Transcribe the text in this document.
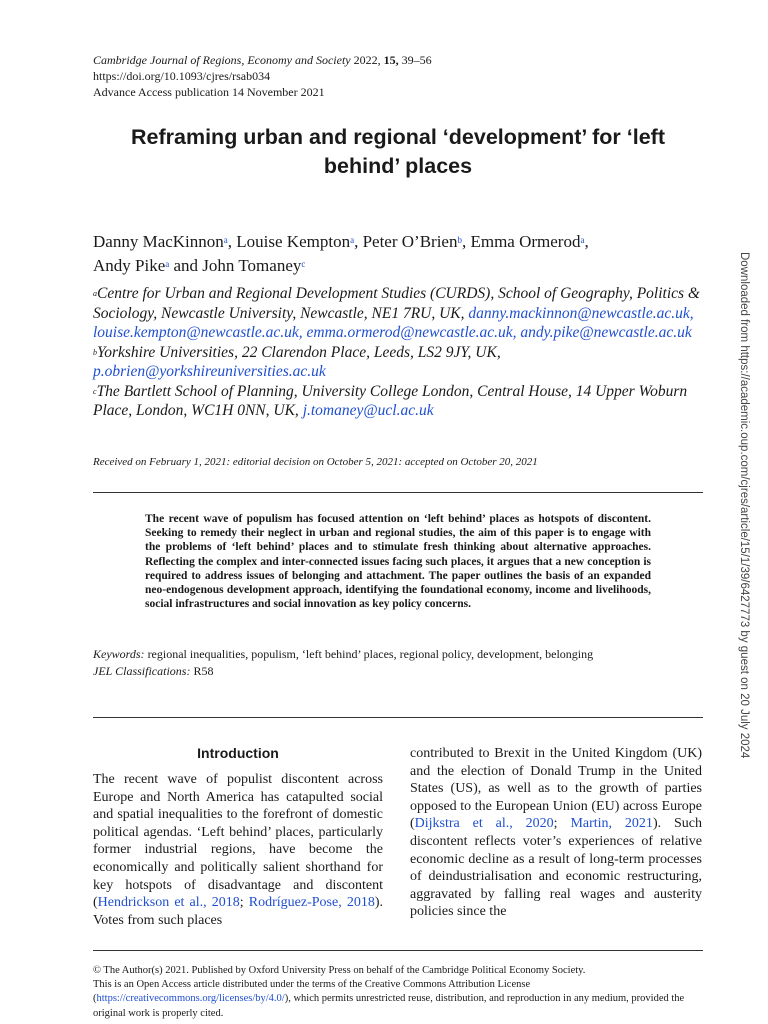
Cambridge Journal of Regions, Economy and Society 2022, 15, 39–56
https://doi.org/10.1093/cjres/rsab034
Advance Access publication 14 November 2021
Reframing urban and regional ‘development’ for ‘left behind’ places
Danny MacKinnon$^a$, Louise Kempton$^a$, Peter O’Brien$^b$, Emma Ormerod$^a$,
Andy Pike$^a$ and John Tomaney$^c$

$^a$Centre for Urban and Regional Development Studies (CURDS), School of Geography, Politics & Sociology, Newcastle University, Newcastle, NE1 7RU, UK, danny.mackinnon@newcastle.ac.uk, louise.kempton@newcastle.ac.uk, emma.ormerod@newcastle.ac.uk, andy.pike@newcastle.ac.uk

$^b$Yorkshire Universities, 22 Clarendon Place, Leeds, LS2 9JY, UK, p.obrien@yorkshireuniversities.ac.uk

$^c$The Bartlett School of Planning, University College London, Central House, 14 Upper Woburn Place, London, WC1H 0NN, UK, j.tomaney@ucl.ac.uk

Received on February 1, 2021: editorial decision on October 5, 2021: accepted on October 20, 2021
The recent wave of populism has focused attention on ‘left behind’ places as hotspots of discontent. Seeking to remedy their neglect in urban and regional studies, the aim of this paper is to engage with the problems of ‘left behind’ places and to stimulate fresh thinking about alternative approaches. Reflecting the complex and inter-connected issues facing such places, it argues that a new conception is required to address issues of belonging and attachment. The paper outlines the basis of an expanded neo-endogenous development approach, identifying the foundational economy, income and livelihoods, social infrastructures and social innovation as key policy concerns.
Keywords: regional inequalities, populism, ‘left behind’ places, regional policy, development, belonging
JEL Classifications: R58
Introduction
The recent wave of populist discontent across Europe and North America has catapulted social and spatial inequalities to the forefront of domestic political agendas. ‘Left behind’ places, particularly former industrial regions, have become the economically and politically salient shorthand for key hotspots of disadvantage and discontent (Hendrickson et al., 2018; Rodríguez-Pose, 2018). Votes from such places
contributed to Brexit in the United Kingdom (UK) and the election of Donald Trump in the United States (US), as well as to the growth of parties opposed to the European Union (EU) across Europe (Dijkstra et al., 2020; Martin, 2021). Such discontent reflects voter’s experiences of relative economic decline as a result of long-term processes of deindustrialisation and economic restructuring, aggravated by falling real wages and austerity policies since the
© The Author(s) 2021. Published by Oxford University Press on behalf of the Cambridge Political Economy Society.
This is an Open Access article distributed under the terms of the Creative Commons Attribution License (https://creativecommons.org/licenses/by/4.0/), which permits unrestricted reuse, distribution, and reproduction in any medium, provided the original work is properly cited.
Downloaded from https://academic.oup.com/cjres/article/15/1/39/6427773 by guest on 20 July 2024
